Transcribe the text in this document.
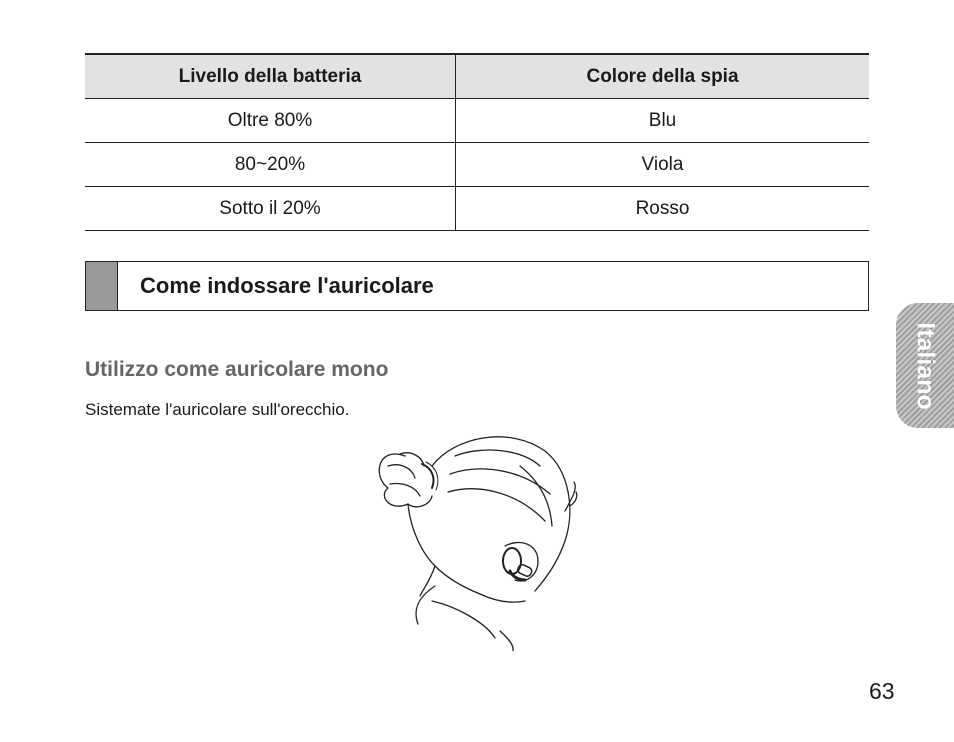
Livello della batteria	Colore della spia
Oltre 80%	Blu
80~20%	Viola
Sotto il 20%	Rosso
Come indossare l'auricolare
Utilizzo come auricolare mono
Sistemate l'auricolare sull'orecchio.
Italiano
63
